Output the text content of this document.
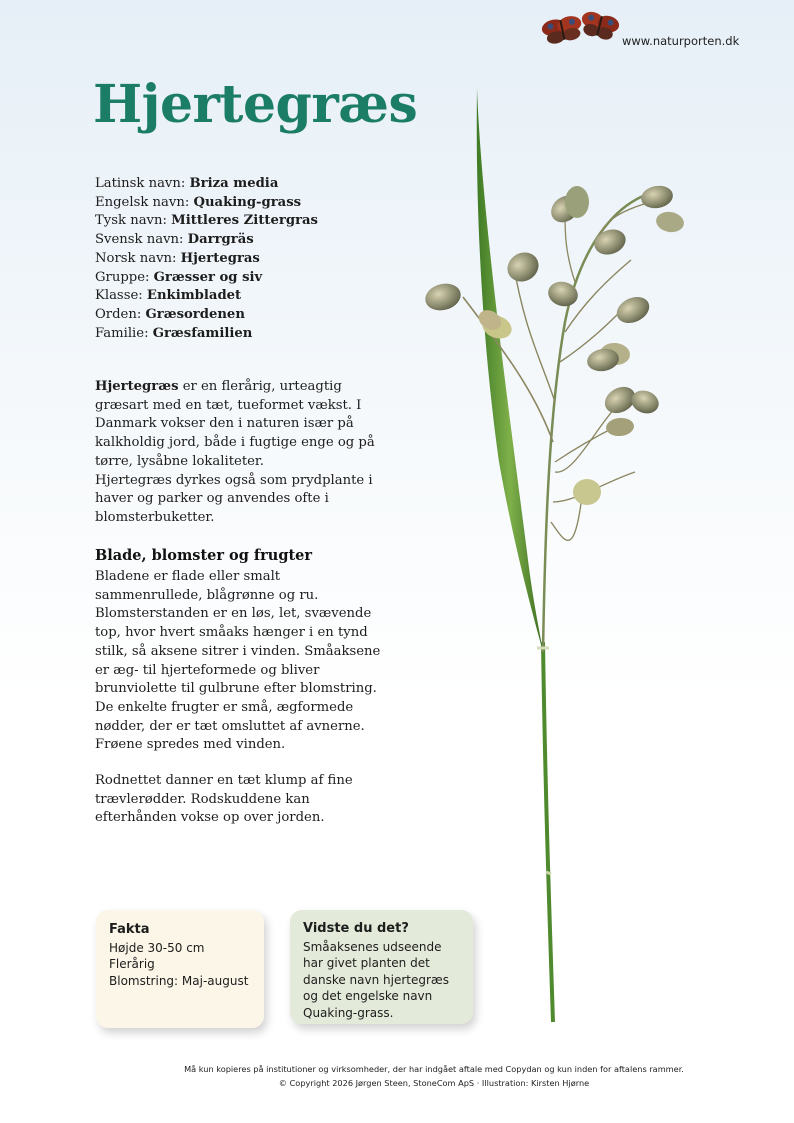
www.naturporten.dk
Hjertegræs
Latinsk navn: Briza media
Engelsk navn: Quaking-grass
Tysk navn: Mittleres Zittergras
Svensk navn: Darrgräs
Norsk navn: Hjertegras
Gruppe: Græsser og siv
Klasse: Enkimbladet
Orden: Græsordenen
Familie: Græsfamilien
Hjertegræs er en flerårig, urteagtig græsart med en tæt, tueformet vækst. I Danmark vokser den i naturen især på kalkholdig jord, både i fugtige enge og på tørre, lysåbne lokaliteter.
Hjertegræs dyrkes også som prydplante i haver og parker og anvendes ofte i blomsterbuketter.
Blade, blomster og frugter
Bladene er flade eller smalt sammenrullede, blågrønne og ru. Blomsterstanden er en løs, let, svævende top, hvor hvert småaks hænger i en tynd stilk, så aksene sitrer i vinden. Småaksene er æg- til hjerteformede og bliver brunviolette til gulbrune efter blomstring. De enkelte frugter er små, ægformede nødder, der er tæt omsluttet af avnerne. Frøene spredes med vinden.
Rodnettet danner en tæt klump af fine trævlerødder. Rodskuddene kan efterhånden vokse op over jorden.
Fakta
Højde 30-50 cm
Flerårig
Blomstring: Maj-august
Vidste du det?
Småaksenes udseende har givet planten det danske navn hjertegræs og det engelske navn Quaking-grass.
Må kun kopieres på institutioner og virksomheder, der har indgået aftale med Copydan og kun inden for aftalens rammer.
© Copyright 2026 Jørgen Steen, StoneCom ApS · Illustration: Kirsten Hjørne
